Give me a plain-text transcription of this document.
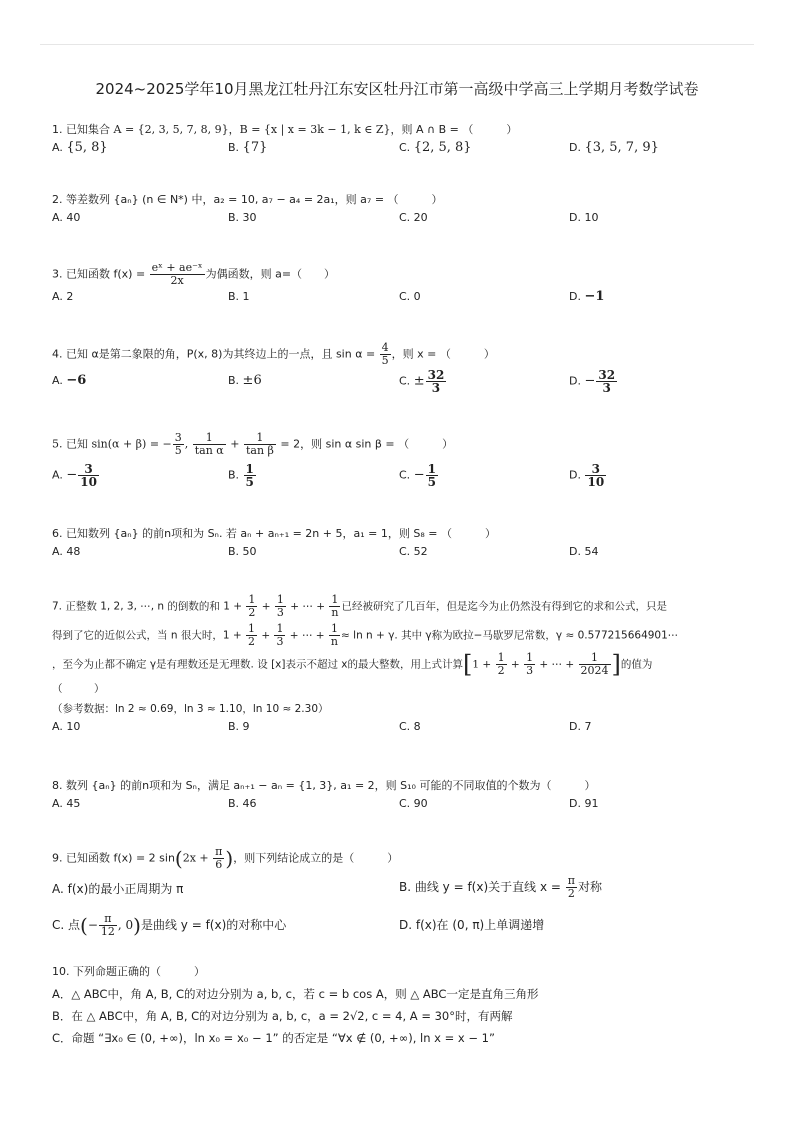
2024~2025学年10月黑龙江牡丹江东安区牡丹江市第一高级中学高三上学期月考数学试卷
1. 已知集合 A = {2, 3, 5, 7, 8, 9}，B = {x | x = 3k − 1, k ∈ Z}，则 A ∩ B = （　　　）
A. {5, 8}	B. {7}	C. {2, 5, 8}	D. {3, 5, 7, 9}
2. 等差数列 {aₙ} (n ∈ N*) 中，a₂ = 10, a₇ − a₄ = 2a₁，则 a₇ = （　　　）
A. 40	B. 30	C. 20	D. 10
3. 已知函数 $f(x) = \frac{\text{eˣ + ae⁻ˣ}}{2x}$ 为偶函数，则 a=（　　）
A. 2	B. 1	C. 0	D. −1
4. 已知 α是第二象限的角，P(x, 8)为其终边上的一点，且 $\sin \alpha = \frac{4}{5}$ ，则 x = （　　　）
A. −6	B. ±6	C. ± $\frac{32}{3}$	D. − $\frac{32}{3}$
5. 已知 sin(α + β) = − $\frac{3}{5}$ , $\frac{1}{\text{tan α}} + \frac{1}{\text{tan β}} = 2$，则 sin α sin β = （　　　）
A. − $\frac{3}{10}$	B. $\frac{1}{5}$	C. − $\frac{1}{5}$	D. $\frac{3}{10}$
6. 已知数列 {aₙ} 的前n项和为 Sₙ. 若 aₙ + aₙ₊₁ = 2n + 5，a₁ = 1，则 S₈ = （　　　）
A. 48	B. 50	C. 52	D. 54
7. 正整数 1, 2, 3, ⋯, n 的倒数的和 $1 + \frac{1}{2} + \frac{1}{3}$ + ⋯ + $\frac{1}{n}$ 已经被研究了几百年，但是迄今为止仍然没有得到它的求和公式，只是
得到了它的近似公式，当 n 很大时，$1 + \frac{1}{2} + \frac{1}{3}$ + ⋯ + $\frac{1}{n} \approx \ln n + \gamma$. 其中 γ称为欧拉−马歇罗尼常数，γ ≈ 0.577215664901⋯
，至今为止都不确定 γ是有理数还是无理数. 设 [x]表示不超过 x的最大整数，用上式计算[$1 + \frac{1}{2} + \frac{1}{3}$ + ⋯ + $\frac{1}{2024}$ ]的值为
（　　　）
（参考数据：ln 2 ≈ 0.69，ln 3 ≈ 1.10，ln 10 ≈ 2.30）
A. 10	B. 9	C. 8	D. 7
8. 数列 {aₙ} 的前n项和为 Sₙ，满足 aₙ₊₁ − aₙ = {1, 3}, a₁ = 2，则 S₁₀ 可能的不同取值的个数为（　　　）
A. 45	B. 46	C. 90	D. 91
9. 已知函数 f(x) = 2 $\sin(2x + \frac{\pi}{6}$ )，则下列结论成立的是（　　　）
A. f(x)的最小正周期为 π	B. 曲线 y = f(x)关于直线 $x = \frac{\pi}{2}$ 对称
C. 点(− $\frac{\pi}{12}$ , 0)是曲线 y = f(x)的对称中心	D. f(x)在 (0, π)上单调递增
10. 下列命题正确的（　　　）
A．△ ABC中，角 A, B, C的对边分别为 a, b, c，若 c = b cos A，则 △ ABC一定是直角三角形
B．在 △ ABC中，角 A, B, C的对边分别为 a, b, c，a = 2√2, c = 4, A = 30°时，有两解
C．命题 “∃x₀ ∈ (0, +∞)，ln x₀ = x₀ − 1” 的否定是 “∀x ∉ (0, +∞), ln x = x − 1”
